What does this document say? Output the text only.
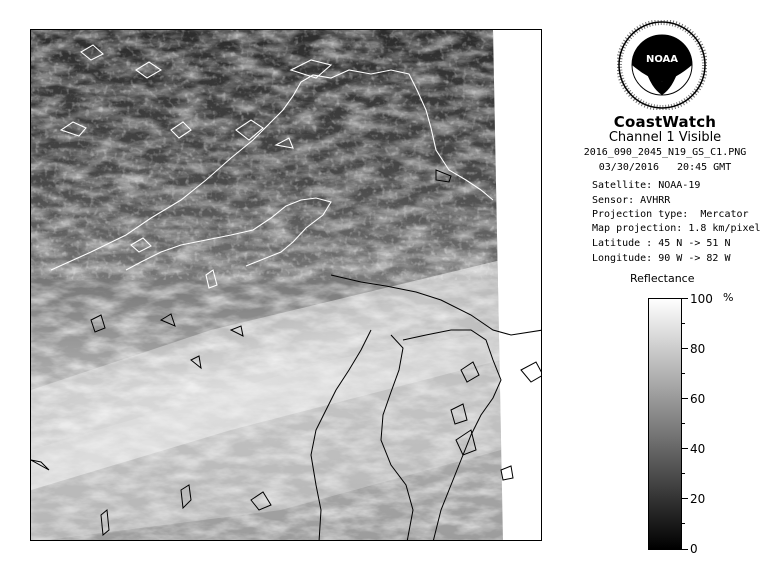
NOAA
CoastWatch
Channel 1 Visible
2016_090_2045_N19_GS_C1.PNG
03/30/2016   20:45 GMT
Satellite: NOAA-19
Sensor: AVHRR
Projection type:  Mercator
Map projection: 1.8 km/pixel
Latitude : 45 N -> 51 N
Longitude: 90 W -> 82 W
Reflectance
%
100
80
60
40
20
0
